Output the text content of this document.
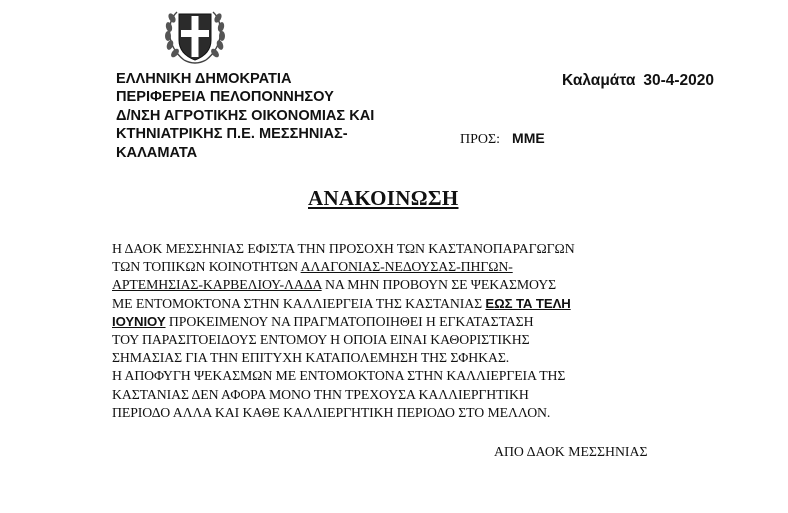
ΕΛΛΗΝΙΚΗ ΔΗΜΟΚΡΑΤΙΑ
ΠΕΡΙΦΕΡΕΙΑ ΠΕΛΟΠΟΝΝΗΣΟΥ
Δ/ΝΣΗ ΑΓΡΟΤΙΚΗΣ ΟΙΚΟΝΟΜΙΑΣ ΚΑΙ
ΚΤΗΝΙΑΤΡΙΚΗΣ Π.Ε. ΜΕΣΣΗΝΙΑΣ-
ΚΑΛΑΜΑΤΑ
Καλαμάτα 30-4-2020
ΠΡΟΣ: ΜΜΕ
ΑΝΑΚΟΙΝΩΣΗ
Η ΔΑΟΚ ΜΕΣΣΗΝΙΑΣ ΕΦΙΣΤΑ ΤΗΝ ΠΡΟΣΟΧΗ ΤΩΝ ΚΑΣΤΑΝΟΠΑΡΑΓΩΓΩΝ
ΤΩΝ ΤΟΠΙΚΩΝ ΚΟΙΝΟΤΗΤΩΝ ΑΛΑΓΟΝΙΑΣ-ΝΕΔΟΥΣΑΣ-ΠΗΓΩΝ-
ΑΡΤΕΜΗΣΙΑΣ-ΚΑΡΒΕΛΙΟΥ-ΛΑΔΑ ΝΑ ΜΗΝ ΠΡΟΒΟΥΝ ΣΕ ΨΕΚΑΣΜΟΥΣ
ΜΕ ΕΝΤΟΜΟΚΤΟΝΑ ΣΤΗΝ ΚΑΛΛΙΕΡΓΕΙΑ ΤΗΣ ΚΑΣΤΑΝΙΑΣ ΕΩΣ ΤΑ ΤΕΛΗ
ΙΟΥΝΙΟΥ ΠΡΟΚΕΙΜΕΝΟΥ ΝΑ ΠΡΑΓΜΑΤΟΠΟΙΗΘΕΙ Η ΕΓΚΑΤΑΣΤΑΣΗ
ΤΟΥ ΠΑΡΑΣΙΤΟΕΙΔΟΥΣ ΕΝΤΟΜΟΥ Η ΟΠΟΙΑ ΕΙΝΑΙ ΚΑΘΟΡΙΣΤΙΚΗΣ
ΣΗΜΑΣΙΑΣ ΓΙΑ ΤΗΝ ΕΠΙΤΥΧΗ ΚΑΤΑΠΟΛΕΜΗΣΗ ΤΗΣ ΣΦΗΚΑΣ.
Η ΑΠΟΦΥΓΗ ΨΕΚΑΣΜΩΝ ΜΕ ΕΝΤΟΜΟΚΤΟΝΑ ΣΤΗΝ ΚΑΛΛΙΕΡΓΕΙΑ ΤΗΣ
ΚΑΣΤΑΝΙΑΣ ΔΕΝ ΑΦΟΡΑ ΜΟΝΟ ΤΗΝ ΤΡΕΧΟΥΣΑ ΚΑΛΛΙΕΡΓΗΤΙΚΗ
ΠΕΡΙΟΔΟ ΑΛΛΑ ΚΑΙ ΚΑΘΕ ΚΑΛΛΙΕΡΓΗΤΙΚΗ ΠΕΡΙΟΔΟ ΣΤΟ ΜΕΛΛΟΝ.
ΑΠΟ ΔΑΟΚ ΜΕΣΣΗΝΙΑΣ
